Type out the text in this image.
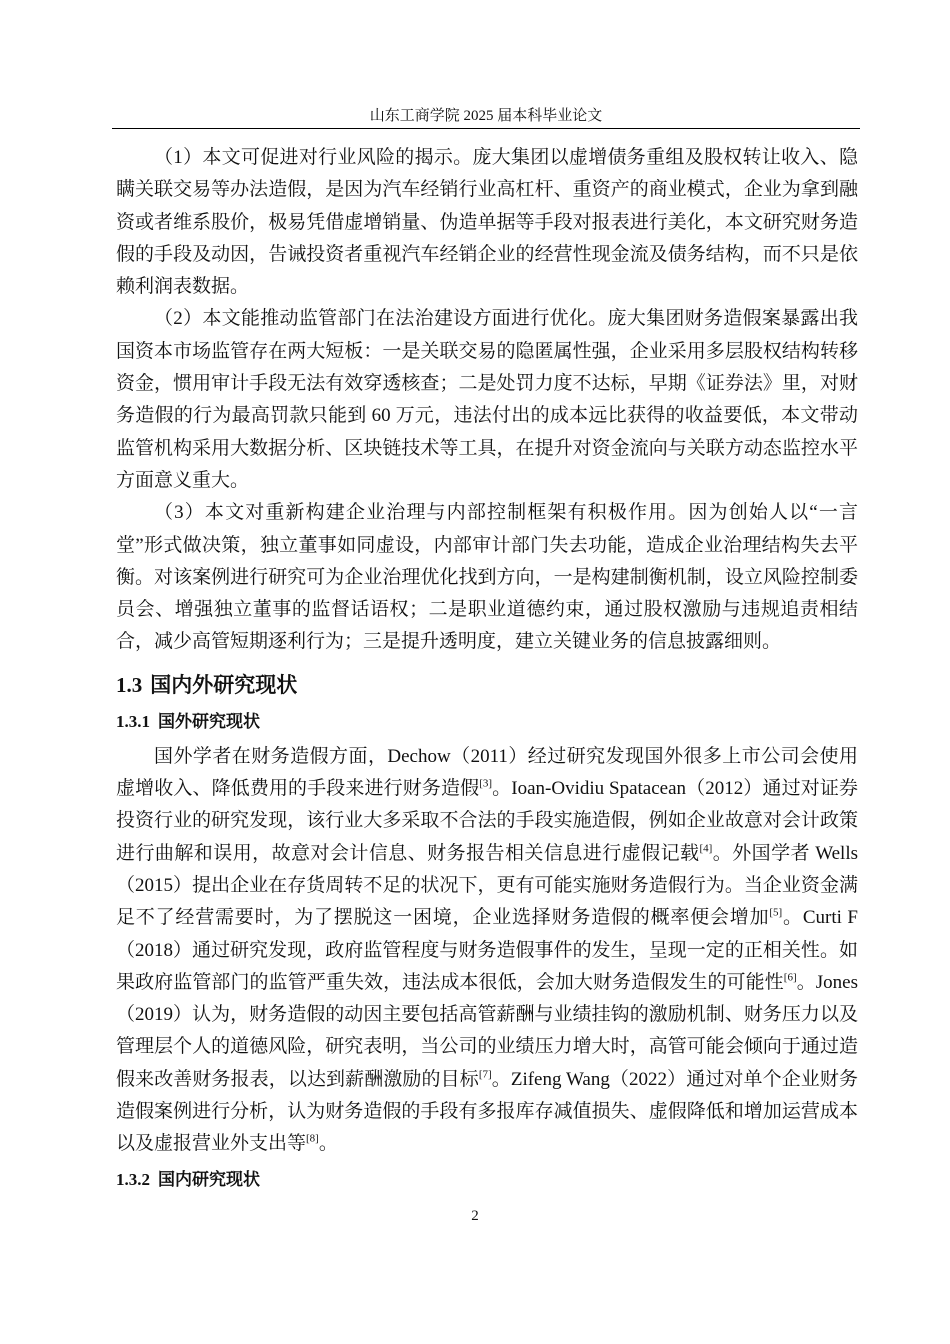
山东工商学院 2025 届本科毕业论文

（1）本文可促进对行业风险的揭示。庞大集团以虚增债务重组及股权转让收入、隐瞒关联交易等办法造假，是因为汽车经销行业高杠杆、重资产的商业模式，企业为拿到融资或者维系股价，极易凭借虚增销量、伪造单据等手段对报表进行美化，本文研究财务造假的手段及动因，告诫投资者重视汽车经销企业的经营性现金流及债务结构，而不只是依赖利润表数据。

（2）本文能推动监管部门在法治建设方面进行优化。庞大集团财务造假案暴露出我国资本市场监管存在两大短板：一是关联交易的隐匿属性强，企业采用多层股权结构转移资金，惯用审计手段无法有效穿透核查；二是处罚力度不达标，早期《证券法》里，对财务造假的行为最高罚款只能到 60 万元，违法付出的成本远比获得的收益要低，本文带动监管机构采用大数据分析、区块链技术等工具，在提升对资金流向与关联方动态监控水平方面意义重大。

（3）本文对重新构建企业治理与内部控制框架有积极作用。因为创始人以“一言堂”形式做决策，独立董事如同虚设，内部审计部门失去功能，造成企业治理结构失去平衡。对该案例进行研究可为企业治理优化找到方向，一是构建制衡机制，设立风险控制委员会、增强独立董事的监督话语权；二是职业道德约束，通过股权激励与违规追责相结合，减少高管短期逐利行为；三是提升透明度，建立关键业务的信息披露细则。

1.3 国内外研究现状
1.3.1 国外研究现状

国外学者在财务造假方面，Dechow（2011）经过研究发现国外很多上市公司会使用虚增收入、降低费用的手段来进行财务造假[3]。Ioan-Ovidiu Spatacean（2012）通过对证券投资行业的研究发现，该行业大多采取不合法的手段实施造假，例如企业故意对会计政策进行曲解和误用，故意对会计信息、财务报告相关信息进行虚假记载[4]。外国学者 Wells（2015）提出企业在存货周转不足的状况下，更有可能实施财务造假行为。当企业资金满足不了经营需要时，为了摆脱这一困境，企业选择财务造假的概率便会增加[5]。Curti F（2018）通过研究发现，政府监管程度与财务造假事件的发生，呈现一定的正相关性。如果政府监管部门的监管严重失效，违法成本很低，会加大财务造假发生的可能性[6]。Jones（2019）认为，财务造假的动因主要包括高管薪酬与业绩挂钩的激励机制、财务压力以及管理层个人的道德风险，研究表明，当公司的业绩压力增大时，高管可能会倾向于通过造假来改善财务报表，以达到薪酬激励的目标[7]。Zifeng Wang（2022）通过对单个企业财务造假案例进行分析，认为财务造假的手段有多报库存减值损失、虚假降低和增加运营成本以及虚报营业外支出等[8]。

1.3.2 国内研究现状
2
